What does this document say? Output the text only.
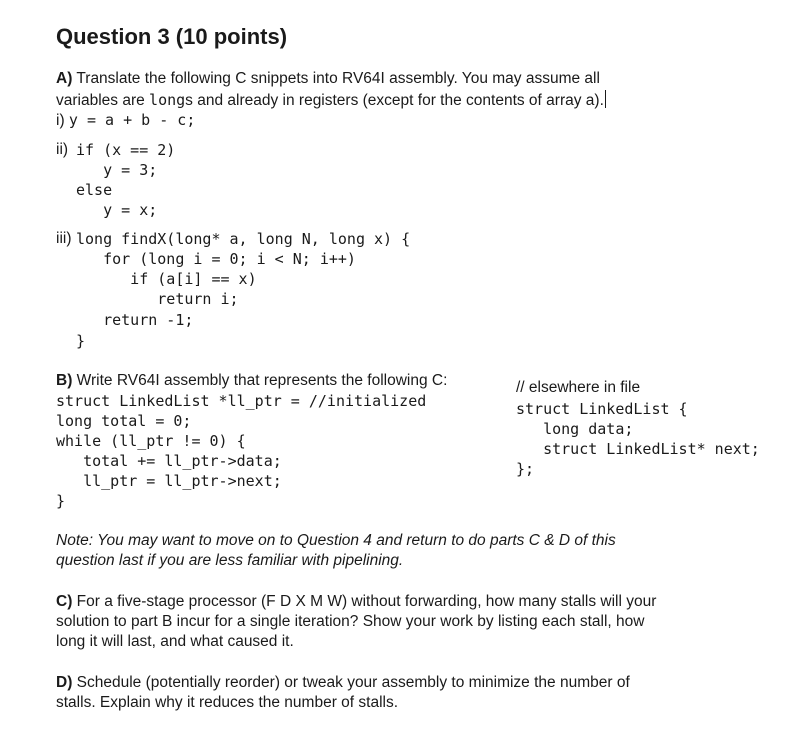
Question 3 (10 points)
A) Translate the following C snippets into RV64I assembly. You may assume all
variables are longs and already in registers (except for the contents of array a).
i) y = a + b - c;
ii) if (x == 2)
y = 3;
else
y = x;
iii) long findX(long* a, long N, long x) {
for (long i = 0; i < N; i++)
if (a[i] == x)
return i;
return -1;
}
B) Write RV64I assembly that represents the following C:
struct LinkedList *ll_ptr = //initialized
long total = 0;
while (ll_ptr != 0) {
total += ll_ptr->data;
ll_ptr = ll_ptr->next;
}
// elsewhere in file
struct LinkedList {
long data;
struct LinkedList* next;
};
Note: You may want to move on to Question 4 and return to do parts C & D of this
question last if you are less familiar with pipelining.
C) For a five-stage processor (F D X M W) without forwarding, how many stalls will your
solution to part B incur for a single iteration? Show your work by listing each stall, how
long it will last, and what caused it.
D) Schedule (potentially reorder) or tweak your assembly to minimize the number of
stalls. Explain why it reduces the number of stalls.
